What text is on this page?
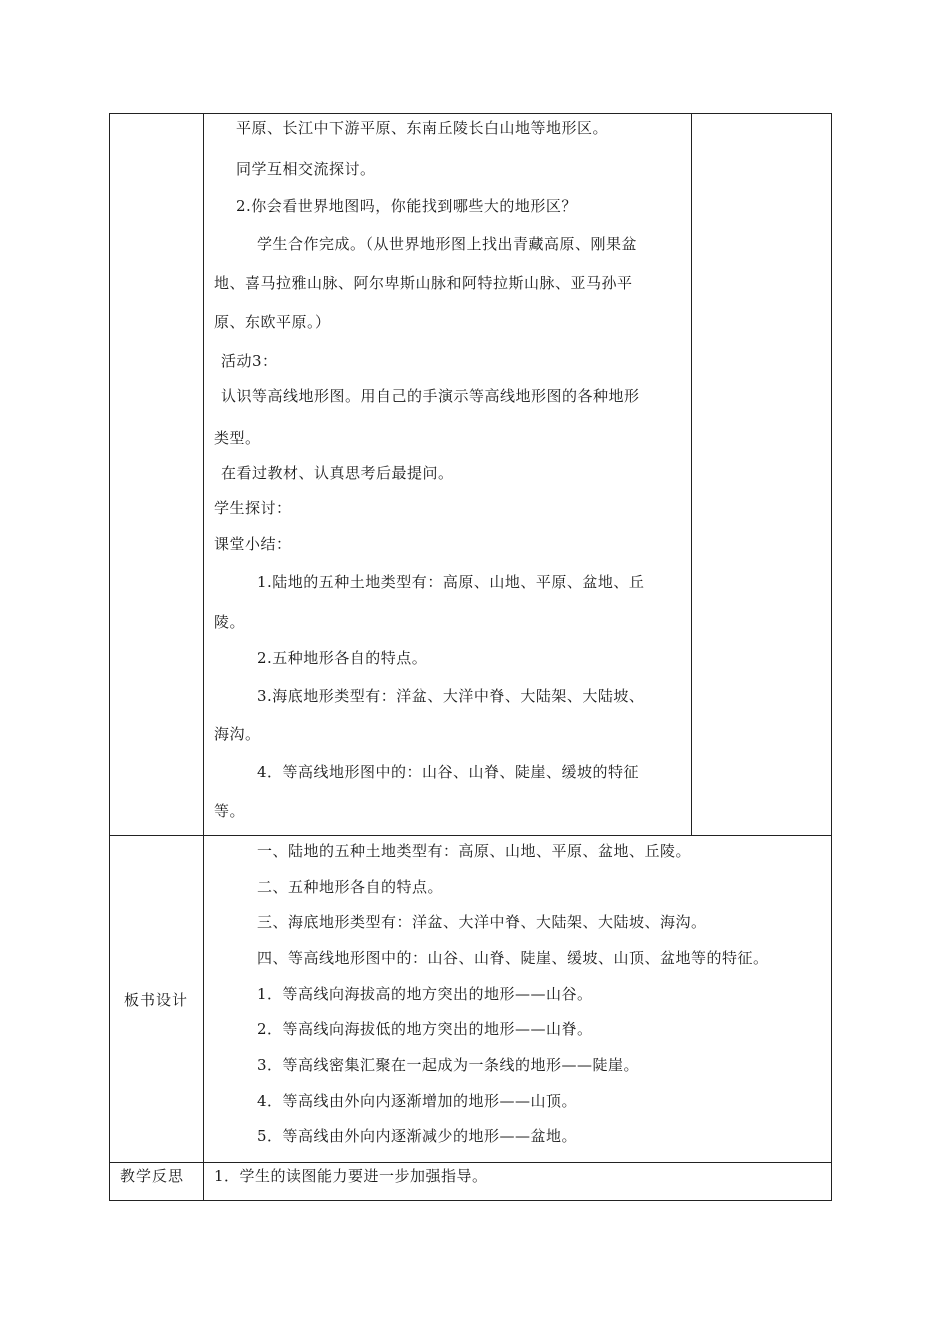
平原、长江中下游平原、东南丘陵长白山地等地形区。
同学互相交流探讨。
2.你会看世界地图吗，你能找到哪些大的地形区？
学生合作完成。（从世界地形图上找出青藏高原、刚果盆
地、喜马拉雅山脉、阿尔卑斯山脉和阿特拉斯山脉、亚马孙平
原、东欧平原。）
活动3：
认识等高线地形图。用自己的手演示等高线地形图的各种地形
类型。
在看过教材、认真思考后最提问。
学生探讨：
课堂小结：
1.陆地的五种土地类型有：高原、山地、平原、盆地、丘
陵。
2.五种地形各自的特点。
3.海底地形类型有：洋盆、大洋中脊、大陆架、大陆坡、
海沟。
4．等高线地形图中的：山谷、山脊、陡崖、缓坡的特征
等。
板书设计
一、陆地的五种土地类型有：高原、山地、平原、盆地、丘陵。
二、五种地形各自的特点。
三、海底地形类型有：洋盆、大洋中脊、大陆架、大陆坡、海沟。
四、等高线地形图中的：山谷、山脊、陡崖、缓坡、山顶、盆地等的特征。
1．等高线向海拔高的地方突出的地形——山谷。
2．等高线向海拔低的地方突出的地形——山脊。
3．等高线密集汇聚在一起成为一条线的地形——陡崖。
4．等高线由外向内逐渐增加的地形——山顶。
5．等高线由外向内逐渐减少的地形——盆地。
教学反思 1．学生的读图能力要进一步加强指导。
